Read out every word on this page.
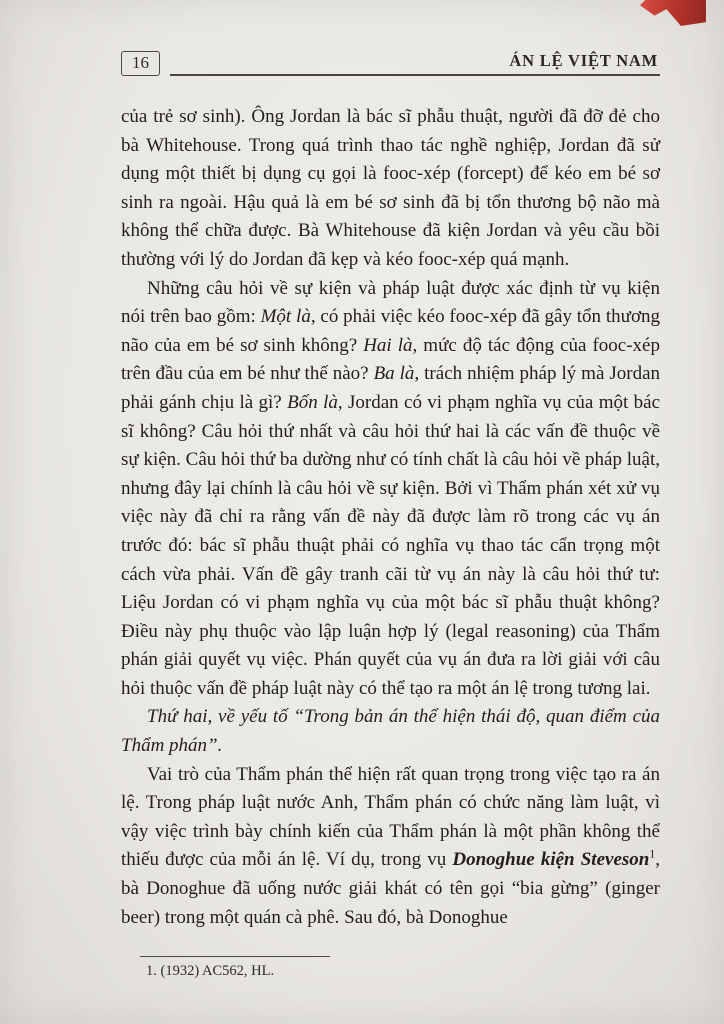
16	ÁN LỆ VIỆT NAM

của trẻ sơ sinh). Ông Jordan là bác sĩ phẫu thuật, người đã đỡ đẻ cho bà Whitehouse. Trong quá trình thao tác nghề nghiệp, Jordan đã sử dụng một thiết bị dụng cụ gọi là fooc-xép (forcept) để kéo em bé sơ sinh ra ngoài. Hậu quả là em bé sơ sinh đã bị tổn thương bộ não mà không thể chữa được. Bà Whitehouse đã kiện Jordan và yêu cầu bồi thường với lý do Jordan đã kẹp và kéo fooc-xép quá mạnh.

Những câu hỏi về sự kiện và pháp luật được xác định từ vụ kiện nói trên bao gồm: Một là, có phải việc kéo fooc-xép đã gây tổn thương não của em bé sơ sinh không? Hai là, mức độ tác động của fooc-xép trên đầu của em bé như thế nào? Ba là, trách nhiệm pháp lý mà Jordan phải gánh chịu là gì? Bốn là, Jordan có vi phạm nghĩa vụ của một bác sĩ không? Câu hỏi thứ nhất và câu hỏi thứ hai là các vấn đề thuộc về sự kiện. Câu hỏi thứ ba dường như có tính chất là câu hỏi về pháp luật, nhưng đây lại chính là câu hỏi về sự kiện. Bởi vì Thẩm phán xét xử vụ việc này đã chỉ ra rằng vấn đề này đã được làm rõ trong các vụ án trước đó: bác sĩ phẫu thuật phải có nghĩa vụ thao tác cẩn trọng một cách vừa phải. Vấn đề gây tranh cãi từ vụ án này là câu hỏi thứ tư: Liệu Jordan có vi phạm nghĩa vụ của một bác sĩ phẫu thuật không? Điều này phụ thuộc vào lập luận hợp lý (legal reasoning) của Thẩm phán giải quyết vụ việc. Phán quyết của vụ án đưa ra lời giải với câu hỏi thuộc vấn đề pháp luật này có thể tạo ra một án lệ trong tương lai.

Thứ hai, về yếu tố “Trong bản án thể hiện thái độ, quan điểm của Thẩm phán”.

Vai trò của Thẩm phán thể hiện rất quan trọng trong việc tạo ra án lệ. Trong pháp luật nước Anh, Thẩm phán có chức năng làm luật, vì vậy việc trình bày chính kiến của Thẩm phán là một phần không thể thiếu được của mỗi án lệ. Ví dụ, trong vụ Donoghue kiện Steveson$^1$, bà Donoghue đã uống nước giải khát có tên gọi “bia gừng” (ginger beer) trong một quán cà phê. Sau đó, bà Donoghue

1. (1932) AC562, HL.
